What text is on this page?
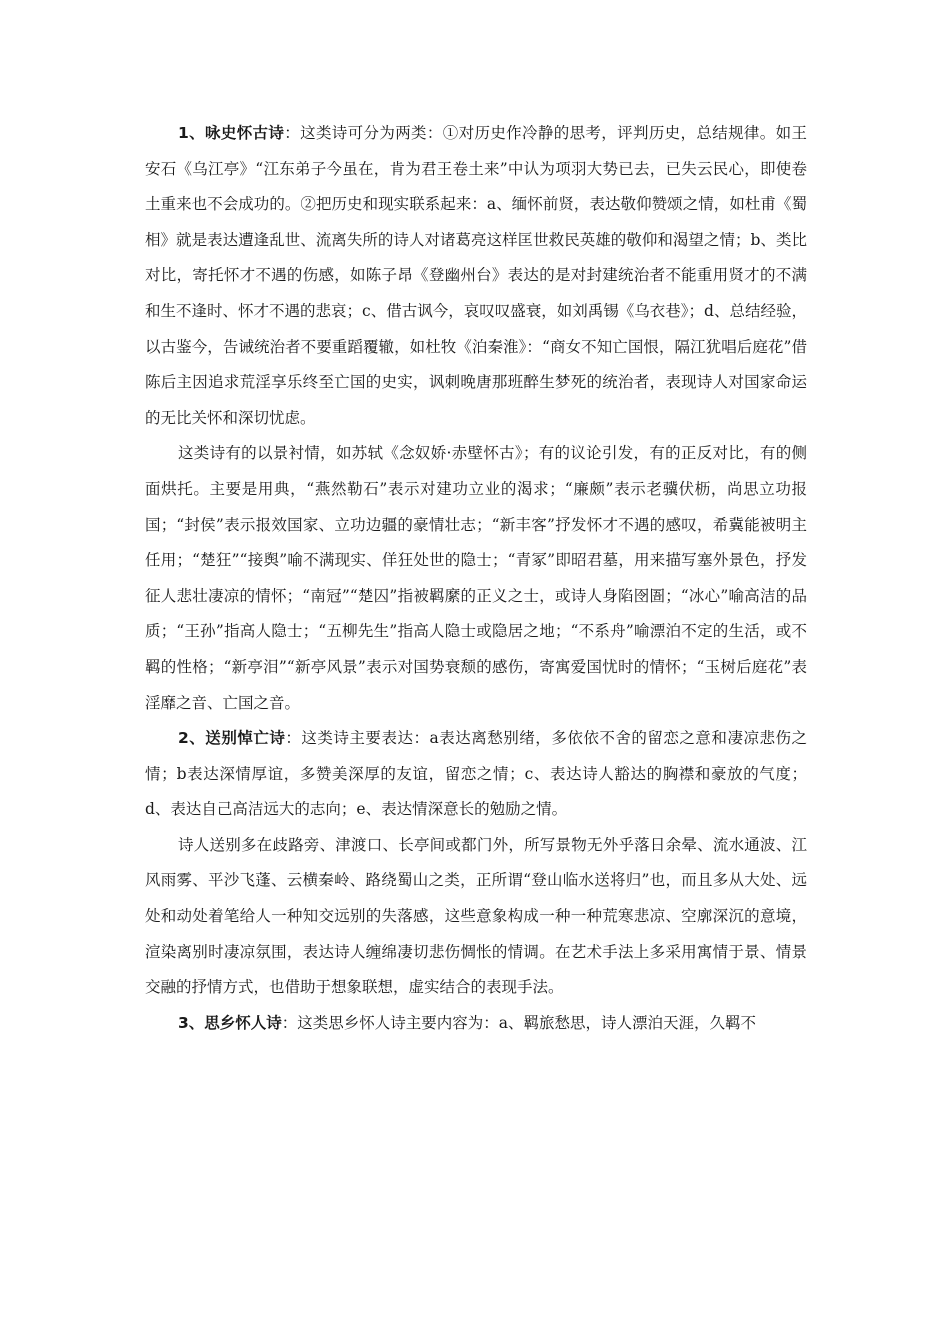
1、咏史怀古诗：这类诗可分为两类：①对历史作冷静的思考，评判历史，总结规律。如王安石《乌江亭》“江东弟子今虽在，肯为君王卷土来”中认为项羽大势已去，已失云民心，即使卷土重来也不会成功的。②把历史和现实联系起来：a、缅怀前贤，表达敬仰赞颂之情，如杜甫《蜀相》就是表达遭逢乱世、流离失所的诗人对诸葛亮这样匡世救民英雄的敬仰和渴望之情；b、类比对比，寄托怀才不遇的伤感，如陈子昂《登幽州台》表达的是对封建统治者不能重用贤才的不满和生不逢时、怀才不遇的悲哀；c、借古讽今，哀叹叹盛衰，如刘禹锡《乌衣巷》；d、总结经验，以古鉴今，告诫统治者不要重蹈覆辙，如杜牧《泊秦淮》：“商女不知亡国恨，隔江犹唱后庭花”借陈后主因追求荒淫享乐终至亡国的史实，讽刺晚唐那班醉生梦死的统治者，表现诗人对国家命运的无比关怀和深切忧虑。

这类诗有的以景衬情，如苏轼《念奴娇·赤壁怀古》；有的议论引发，有的正反对比，有的侧面烘托。主要是用典，“燕然勒石”表示对建功立业的渴求；“廉颇”表示老骥伏枥，尚思立功报国；“封侯”表示报效国家、立功边疆的豪情壮志；“新丰客”抒发怀才不遇的感叹，希冀能被明主任用；“楚狂”“接舆”喻不满现实、佯狂处世的隐士；“青冢”即昭君墓，用来描写塞外景色，抒发征人悲壮凄凉的情怀；“南冠”“楚囚”指被羁縻的正义之士，或诗人身陷囹圄；“冰心”喻高洁的品质；“王孙”指高人隐士；“五柳先生”指高人隐士或隐居之地；“不系舟”喻漂泊不定的生活，或不羁的性格；“新亭泪”“新亭风景”表示对国势衰颓的感伤，寄寓爱国忧时的情怀；“玉树后庭花”表淫靡之音、亡国之音。

2、送别悼亡诗：这类诗主要表达：a表达离愁别绪，多依依不舍的留恋之意和凄凉悲伤之情；b表达深情厚谊，多赞美深厚的友谊，留恋之情；c、表达诗人豁达的胸襟和豪放的气度；d、表达自己高洁远大的志向；e、表达情深意长的勉励之情。

诗人送别多在歧路旁、津渡口、长亭间或都门外，所写景物无外乎落日余晕、流水通波、江风雨雾、平沙飞蓬、云横秦岭、路绕蜀山之类，正所谓“登山临水送将归”也，而且多从大处、远处和动处着笔给人一种知交远别的失落感，这些意象构成一种一种荒寒悲凉、空廓深沉的意境，渲染离别时凄凉氛围，表达诗人缠绵凄切悲伤惆怅的情调。在艺术手法上多采用寓情于景、情景交融的抒情方式，也借助于想象联想，虚实结合的表现手法。

3、思乡怀人诗：这类思乡怀人诗主要内容为：a、羁旅愁思，诗人漂泊天涯，久羁不
